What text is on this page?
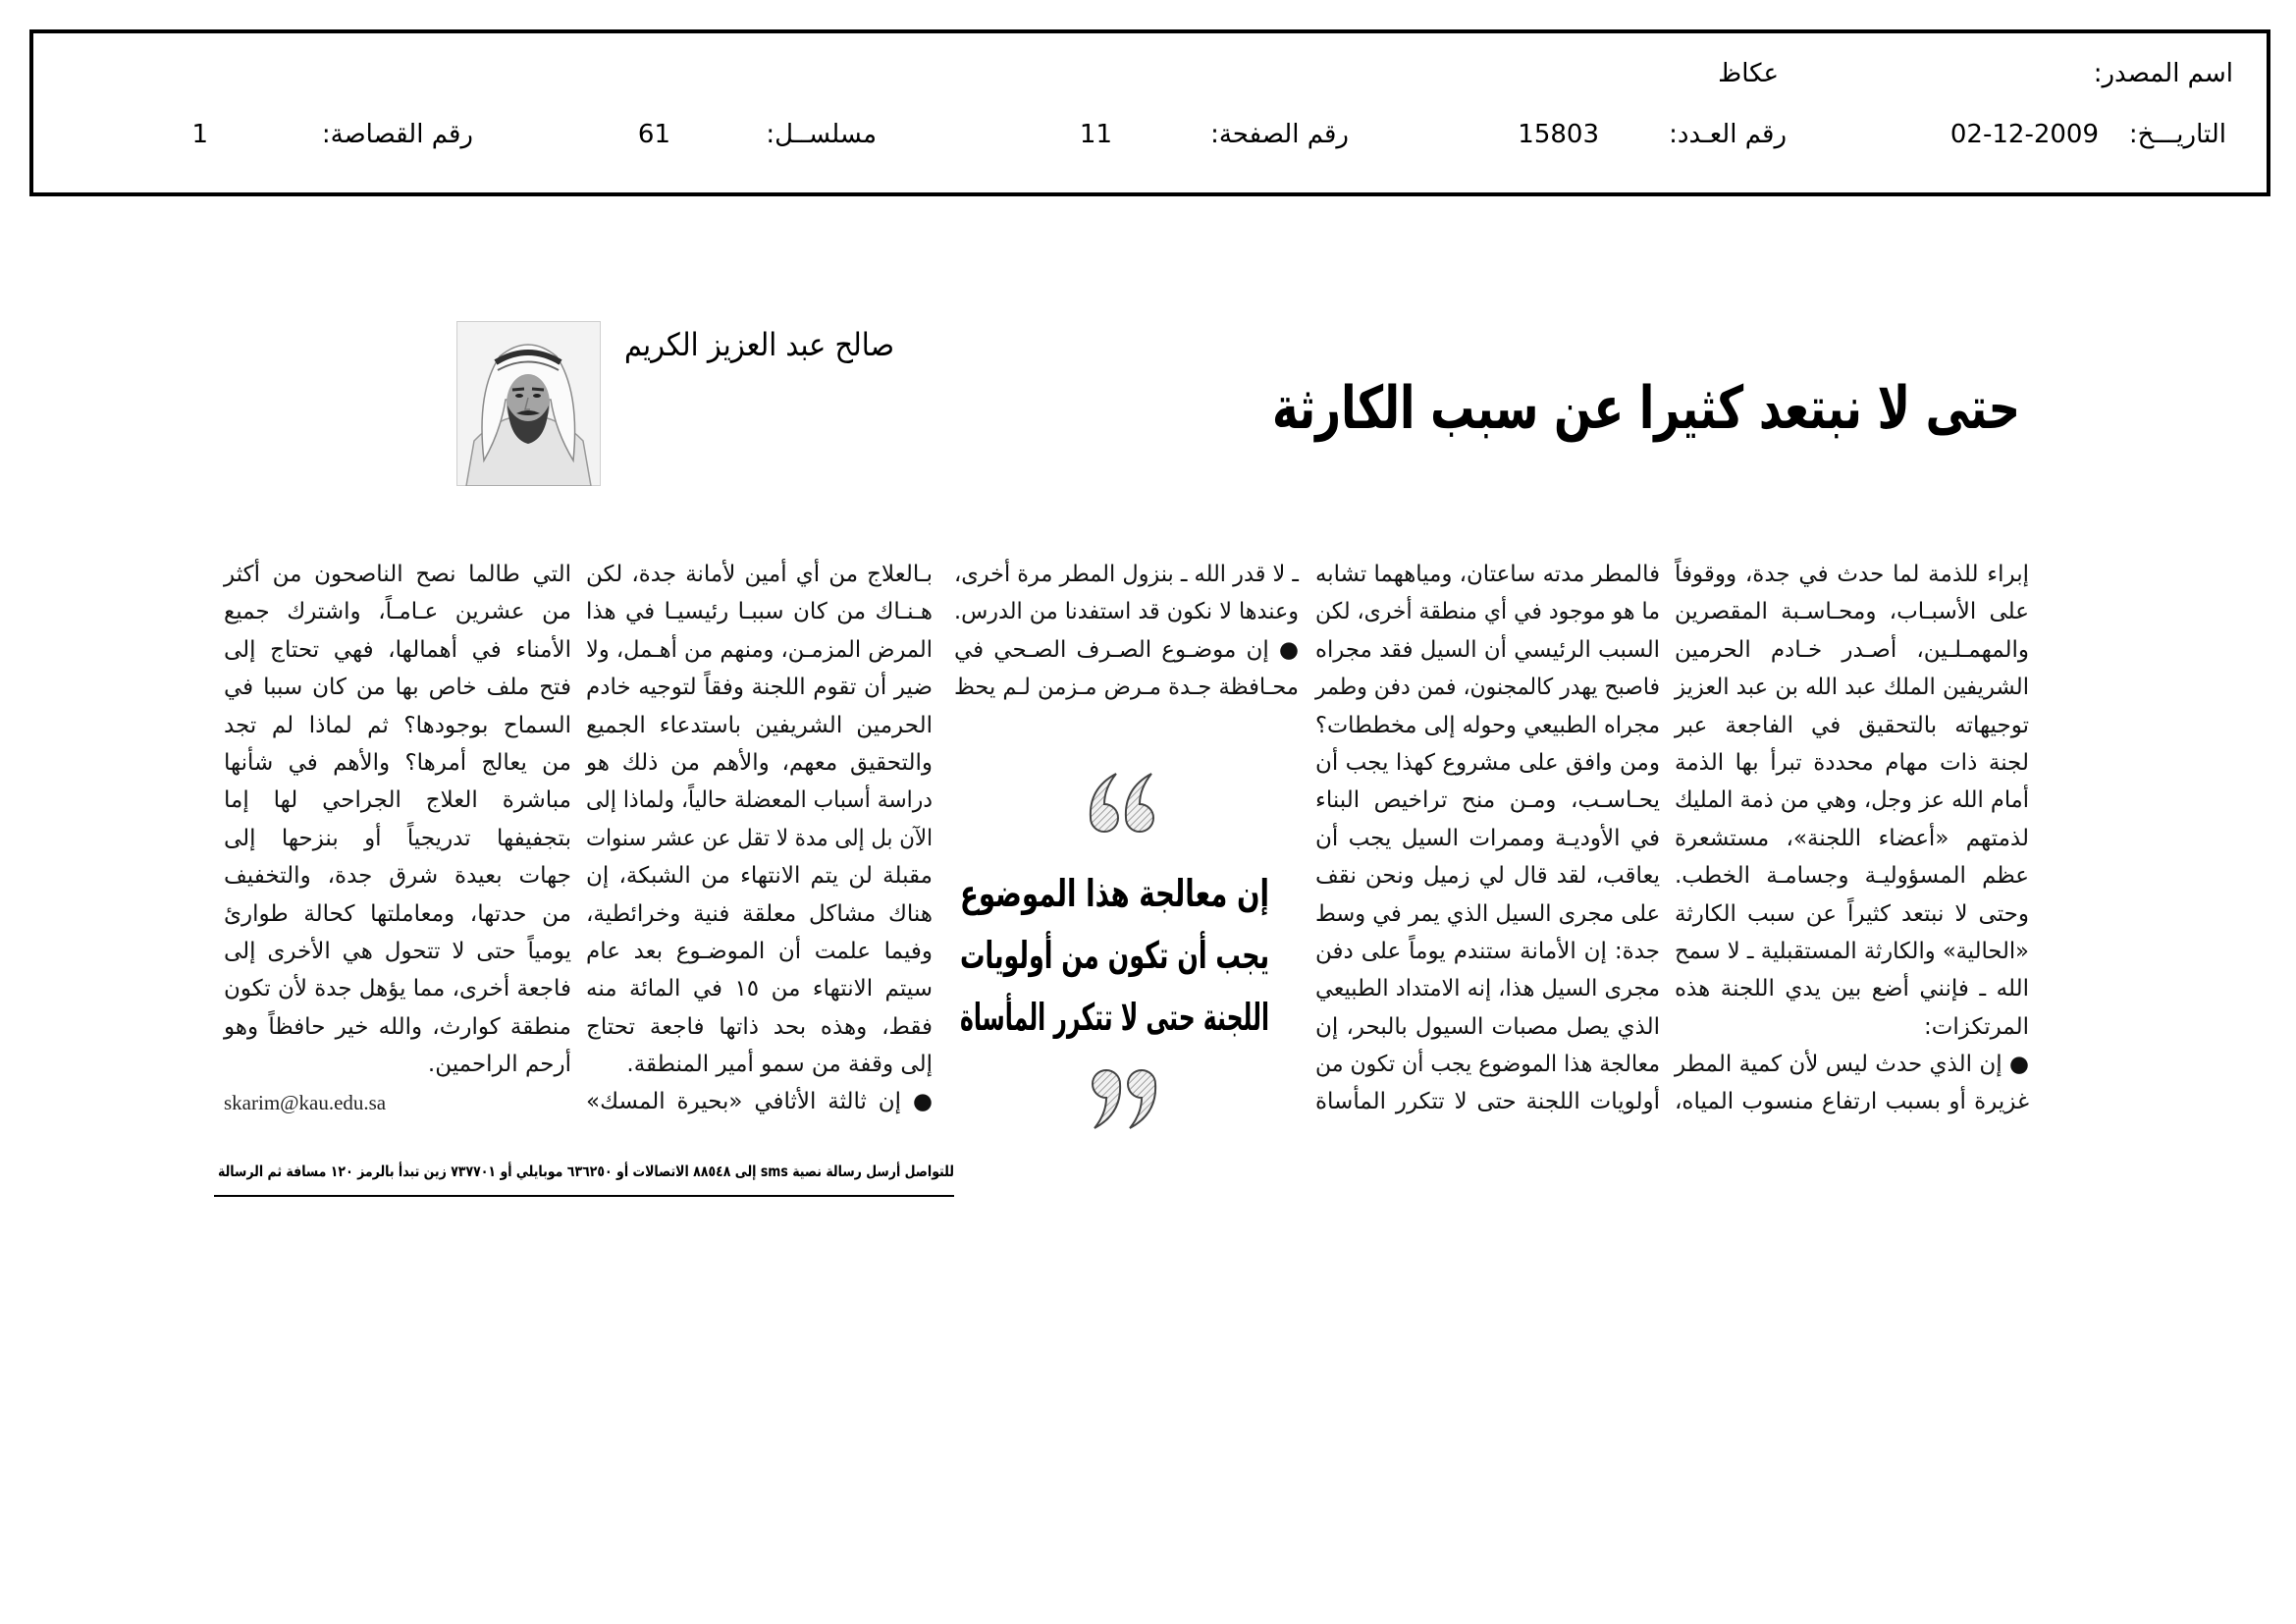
اسم المصدر:
عكاظ
التاريـــخ:
02-12-2009
رقم العـدد:
15803
رقم الصفحة:
11
مسلســل:
61
رقم القصاصة:
1
حتى لا نبتعد كثيرا عن سبب الكارثة
صالح عبد العزيز الكريم
إبراء للذمة لما حدث في جدة، ووقوفاً
على الأسبـاب، ومحـاسـبة المقصرين
والمهمـلـين، أصـدر خـادم الحرمين
الشريفين الملك عبد الله بن عبد العزيز
توجيهاته بالتحقيق في الفاجعة عبر
لجنة ذات مهام محددة تبرأ بها الذمة
أمام الله عز وجل، وهي من ذمة المليك
لذمتهم «أعضاء اللجنة»، مستشعرة
عظم المسؤوليـة وجسامـة الخطب.
وحتى لا نبتعد كثيراً عن سبب الكارثة
«الحالية» والكارثة المستقبلية ـ لا سمح
الله ـ فإنني أضع بين يدي اللجنة هذه
المرتكزات:
● إن الذي حدث ليس لأن كمية المطر
غزيرة أو بسبب ارتفاع منسوب المياه،
فالمطر مدته ساعتان، ومياههما تشابه
ما هو موجود في أي منطقة أخرى، لكن
السبب الرئيسي أن السيل فقد مجراه
فاصبح يهدر كالمجنون، فمن دفن وطمر
مجراه الطبيعي وحوله إلى مخططات؟
ومن وافق على مشروع كهذا يجب أن
يحـاسـب، ومـن منح تراخيص البناء
في الأوديـة وممرات السيل يجب أن
يعاقب، لقد قال لي زميل ونحن نقف
على مجرى السيل الذي يمر في وسط
جدة: إن الأمانة ستندم يوماً على دفن
مجرى السيل هذا، إنه الامتداد الطبيعي
الذي يصل مصبات السيول بالبحر، إن
معالجة هذا الموضوع يجب أن تكون من
أولويات اللجنة حتى لا تتكرر المأساة
ـ لا قدر الله ـ بنزول المطر مرة أخرى،
وعندها لا نكون قد استفدنا من الدرس.
● إن موضـوع الصـرف الصـحي في
محـافظة جـدة مـرض مـزمن لـم يحظ
إن معالجة هذا الموضوع
يجب أن تكون من أولويات
اللجنة حتى لا تتكرر المأساة
بـالعلاج من أي أمين لأمانة جدة، لكن
هـنـاك من كان سببـا رئيسيـا في هذا
المرض المزمـن، ومنهم من أهـمل، ولا
ضير أن تقوم اللجنة وفقاً لتوجيه خادم
الحرمين الشريفين باستدعاء الجميع
والتحقيق معهم، والأهم من ذلك هو
دراسة أسباب المعضلة حالياً، ولماذا إلى
الآن بل إلى مدة لا تقل عن عشر سنوات
مقبلة لن يتم الانتهاء من الشبكة، إن
هناك مشاكل معلقة فنية وخرائطية،
وفيما علمت أن الموضـوع بعد عام
سيتم الانتهاء من ١٥ في المائة منه
فقط، وهذه بحد ذاتها فاجعة تحتاج
إلى وقفة من سمو أمير المنطقة.
● إن ثالثة الأثافي «بحيرة المسك»
التي طالما نصح الناصحون من أكثر
من عشرين عـامـاً، واشترك جميع
الأمناء في أهمالها، فهي تحتاج إلى
فتح ملف خاص بها من كان سببا في
السماح بوجودها؟ ثم لماذا لم تجد
من يعالج أمرها؟ والأهم في شأنها
مباشرة العلاج الجراحي لها إما
بتجفيفها تدريجياً أو بنزحها إلى
جهات بعيدة شرق جدة، والتخفيف
من حدتها، ومعاملتها كحالة طوارئ
يومياً حتى لا تتحول هي الأخرى إلى
فاجعة أخرى، مما يؤهل جدة لأن تكون
منطقة كوارث، والله خير حافظاً وهو
أرحم الراحمين.
skarim@kau.edu.sa
للتواصل أرسل رسالة نصية sms إلى ٨٨٥٤٨ الاتصالات أو ٦٣٦٢٥٠ موبايلي أو ٧٣٧٧٠١ زين تبدأ بالرمز ١٢٠ مسافة ثم الرسالة
